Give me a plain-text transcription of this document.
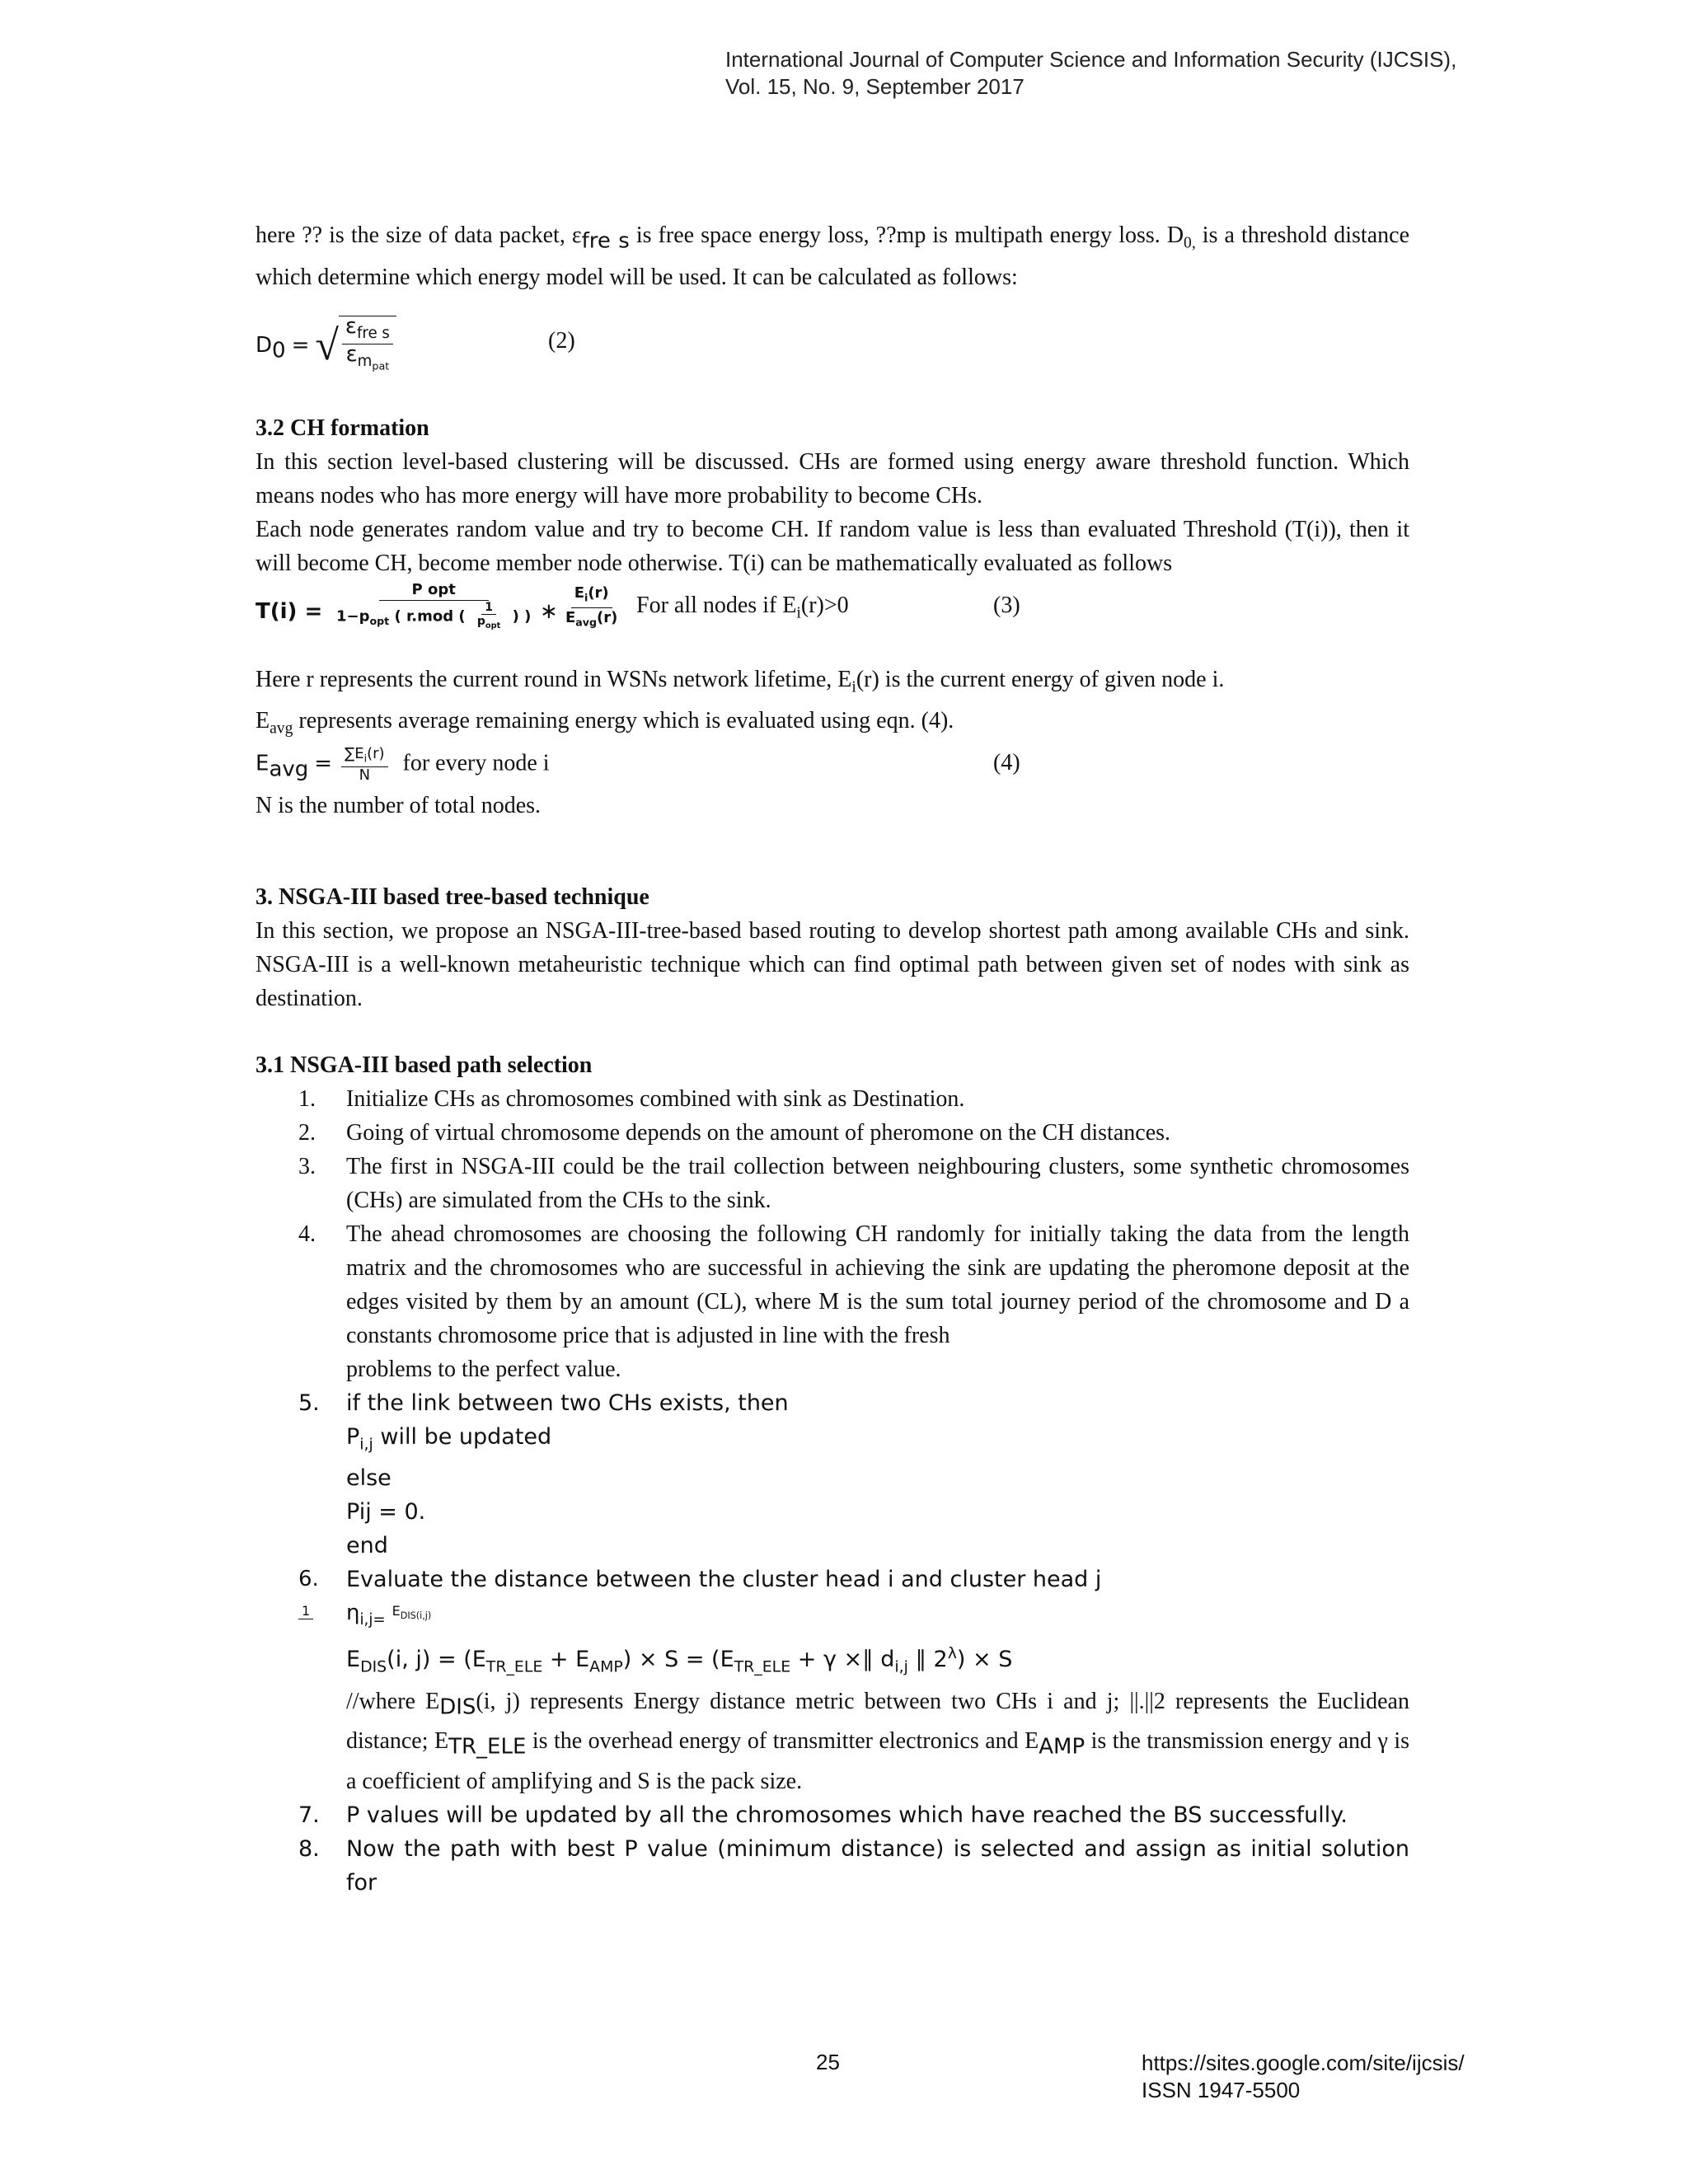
International Journal of Computer Science and Information Security (IJCSIS),
Vol. 15, No. 9, September 2017

here ?? is the size of data packet, $\varepsilon_{fre s}$ is free space energy loss, ??mp is multipath energy loss. $D_{0,}$ is a threshold distance which determine which energy model will be used. It can be calculated as follows:

$D_0$ = √ $\frac{\varepsilon_{fre s}}{\varepsilon_{m_{pat}}}$	(2)

3.2 CH formation

In this section level-based clustering will be discussed. CHs are formed using energy aware threshold function. Which means nodes who has more energy will have more probability to become CHs.

Each node generates random value and try to become CH. If random value is less than evaluated Threshold (T(i)), then it will become CH, become member node otherwise. T(i) can be mathematically evaluated as follows

T(i) =
P opt
$1-p_{opt}$ ( r.mod ( $\frac{1}{p_{opt}}$ ) ) ∗
$E_i(r)$
$E_{avg}(r)$
For all nodes if $E_i(r)>0$	(3)

Here r represents the current round in WSNs network lifetime, $E_i(r)$ is the current energy of given node i.

$E_{avg}$ represents average remaining energy which is evaluated using eqn. (4).

$E_{avg} = \frac{\sum E_i(r)}{N}$ for every node i	(4)

N is the number of total nodes.

3. NSGA-III based tree-based technique

In this section, we propose an NSGA-III-tree-based based routing to develop shortest path among available CHs and sink. NSGA-III is a well-known metaheuristic technique which can find optimal path between given set of nodes with sink as destination.

3.1 NSGA-III based path selection

1. Initialize CHs as chromosomes combined with sink as Destination.
2. Going of virtual chromosome depends on the amount of pheromone on the CH distances.
3. The first in NSGA-III could be the trail collection between neighbouring clusters, some synthetic chromosomes (CHs) are simulated from the CHs to the sink.
4. The ahead chromosomes are choosing the following CH randomly for initially taking the data from the length matrix and the chromosomes who are successful in achieving the sink are updating the pheromone deposit at the edges visited by them by an amount (CL), where M is the sum total journey period of the chromosome and D a constants chromosome price that is adjusted in line with the fresh
problems to the perfect value.
5. if the link between two CHs exists, then
$P_{i,j}$ will be updated
else
Pij = 0.
end
6. Evaluate the distance between the cluster head i and cluster head j
$\eta_{i,j=}$
1	$E_{DIS(i,j)}$
$E_{DIS}(i$, $j) = (E_{TR\_ELE} + E_{AMP}) \times S = (E_{TR\_ELE} + \gamma$ ×∥ $d_{i,j}$ ∥ $2^\lambda) \times S$
//where $E_{DIS}(i$, j) represents Energy distance metric between two CHs i and j; ||.||2 represents the Euclidean distance; $E_{TR\_ELE}$ is the overhead energy of transmitter electronics and $E_{AMP}$ is the transmission energy and γ is a coefficient of amplifying and S is the pack size.
7. P values will be updated by all the chromosomes which have reached the BS successfully.
8. Now the path with best P value (minimum distance) is selected and assign as initial solution for
25	https://sites.google.com/site/ijcsis/
ISSN 1947-5500
